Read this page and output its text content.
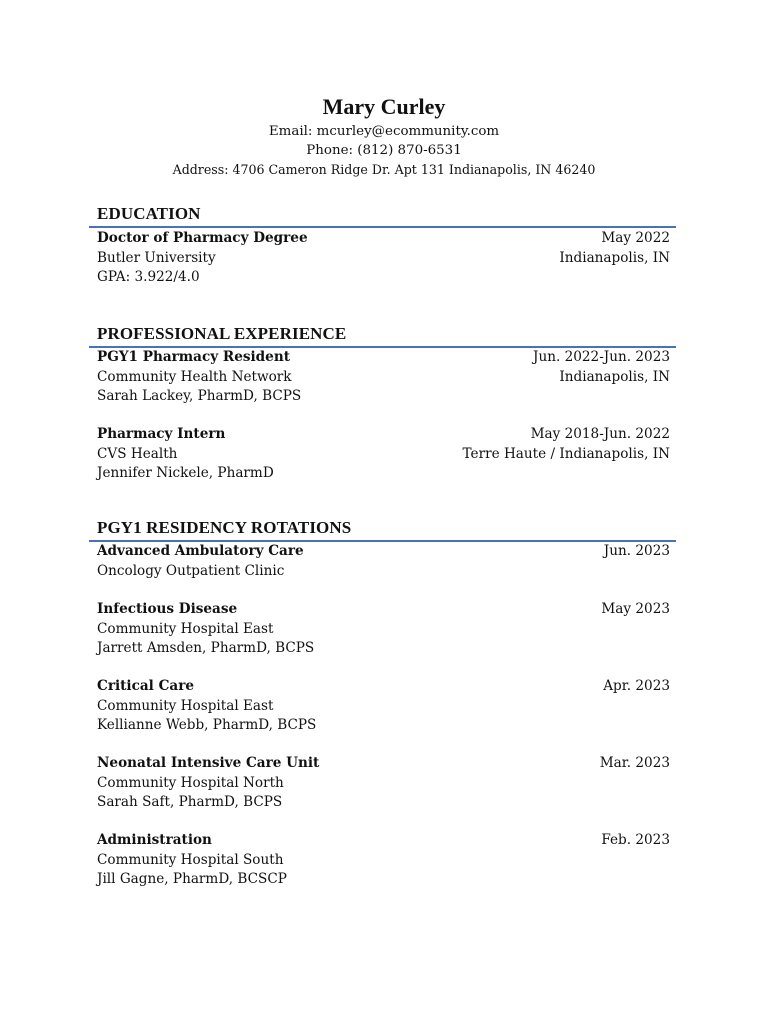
Mary Curley
Email: mcurley@ecommunity.com
Phone: (812) 870-6531
Address: 4706 Cameron Ridge Dr. Apt 131 Indianapolis, IN 46240
EDUCATION
Doctor of Pharmacy Degree	May 2022
Butler University	Indianapolis, IN
GPA: 3.922/4.0
PROFESSIONAL EXPERIENCE
PGY1 Pharmacy Resident	Jun. 2022-Jun. 2023
Community Health Network	Indianapolis, IN
Sarah Lackey, PharmD, BCPS
Pharmacy Intern	May 2018-Jun. 2022
CVS Health	Terre Haute / Indianapolis, IN
Jennifer Nickele, PharmD
PGY1 RESIDENCY ROTATIONS
Advanced Ambulatory Care	Jun. 2023
Oncology Outpatient Clinic
Infectious Disease	May 2023
Community Hospital East
Jarrett Amsden, PharmD, BCPS
Critical Care	Apr. 2023
Community Hospital East
Kellianne Webb, PharmD, BCPS
Neonatal Intensive Care Unit	Mar. 2023
Community Hospital North
Sarah Saft, PharmD, BCPS
Administration	Feb. 2023
Community Hospital South
Jill Gagne, PharmD, BCSCP
